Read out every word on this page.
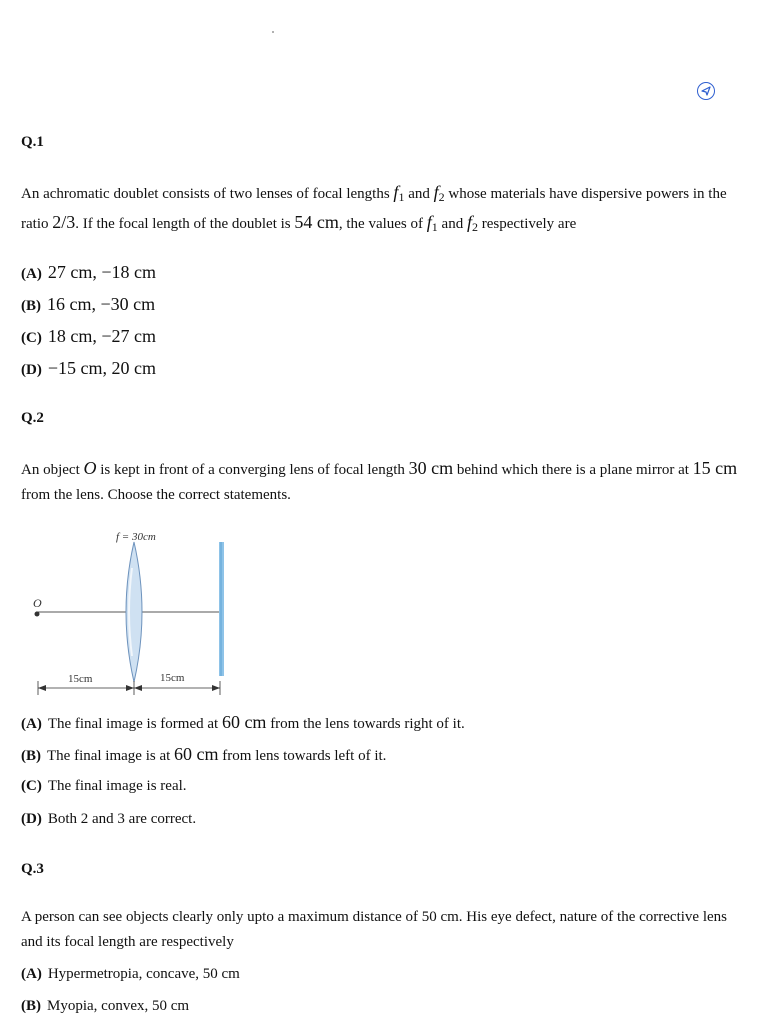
Q.1
An achromatic doublet consists of two lenses of focal lengths $f_1$ and $f_2$ whose materials have dispersive powers in the ratio 2/3. If the focal length of the doublet is 54 cm, the values of $f_1$ and $f_2$ respectively are
(A) 27 cm, −18 cm
(B) 16 cm, −30 cm
(C) 18 cm, −27 cm
(D) −15 cm, 20 cm
Q.2
An object O is kept in front of a converging lens of focal length 30 cm behind which there is a plane mirror at 15 cm from the lens. Choose the correct statements.
O
f = 30cm
15cm	15cm
(A) The final image is formed at 60 cm from the lens towards right of it.
(B) The final image is at 60 cm from lens towards left of it.
(C) The final image is real.
(D) Both 2 and 3 are correct.
Q.3
A person can see objects clearly only upto a maximum distance of 50 cm. His eye defect, nature of the corrective lens and its focal length are respectively
(A) Hypermetropia, concave, 50 cm
(B) Myopia, convex, 50 cm
